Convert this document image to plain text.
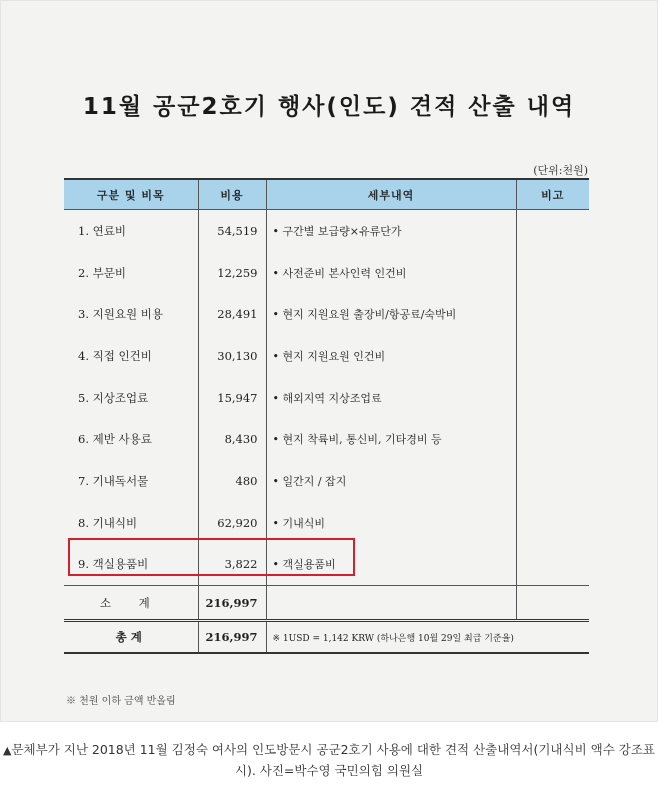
11월 공군2호기 행사(인도) 견적 산출 내역
(단위:천원)
구분 및 비목	비용	세부내역	비고
1. 연료비	54,519	• 구간별 보급량×유류단가	
2. 부문비	12,259	• 사전준비 본사인력 인건비	
3. 지원요원 비용	28,491	• 현지 지원요원 출장비/항공료/숙박비	
4. 직접 인건비	30,130	• 현지 지원요원 인건비	
5. 지상조업료	15,947	• 해외지역 지상조업료	
6. 제반 사용료	8,430	• 현지 착륙비, 통신비, 기타경비 등	
7. 기내독서물	480	• 일간지 / 잡지	
8. 기내식비	62,920	• 기내식비	
9. 객실용품비	3,822	• 객실용품비	
소 계	216,997		
총계	216,997	※ 1USD = 1,142 KRW (하나은행 10월 29일 최급 기준율)	
※ 천원 이하 금액 반올림
▲문체부가 지난 2018년 11월 김정숙 여사의 인도방문시 공군2호기 사용에 대한 견적 산출내역서(기내식비 액수 강조표시). 사진=박수영 국민의힘 의원실
